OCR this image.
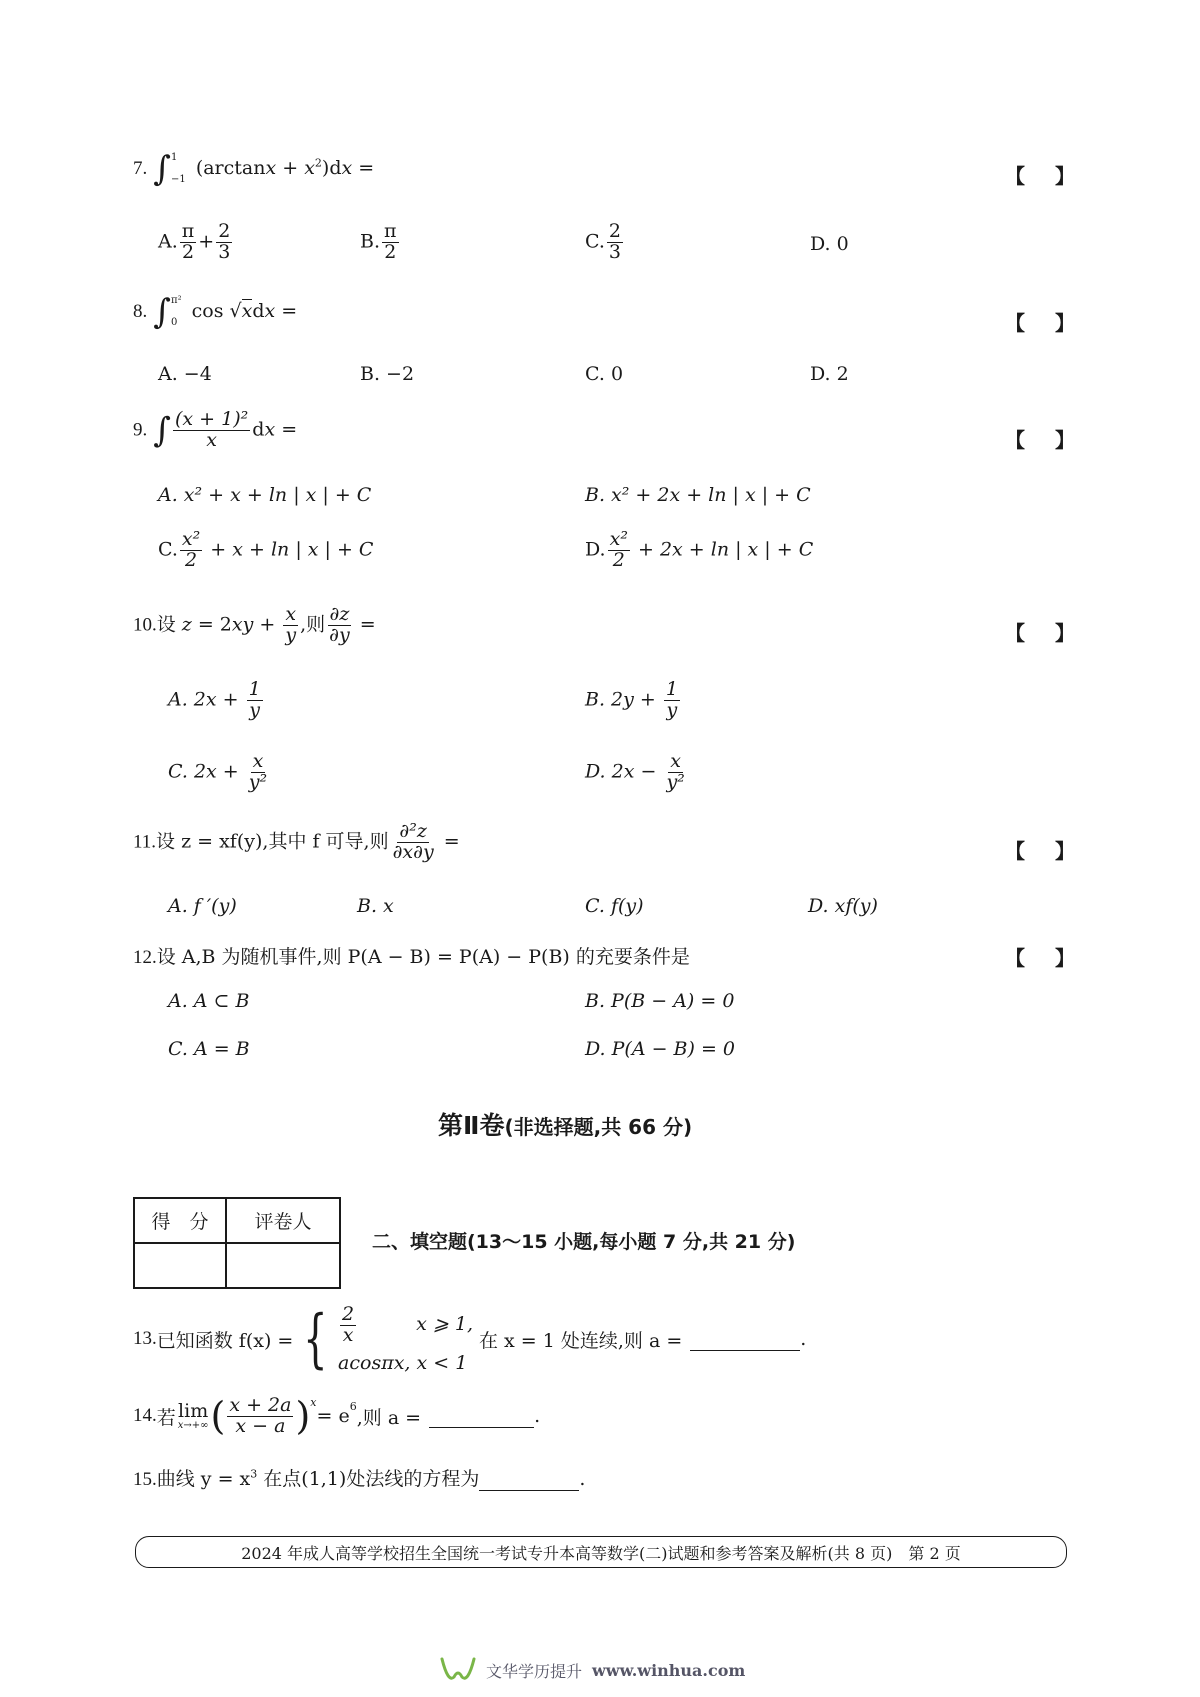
7. ∫ 1
−1
$(\arctan x + x^2)dx$ =	【 】
A. $\frac{\pi}{2} + \frac{2}{3}$	B. $\frac{\pi}{2}$	C. $\frac{2}{3}$	D. 0
8. ∫ π²
0
cos √xdx =	【 】
A. −4	B. −2	C. 0	D. 2
9. ∫ $\frac{\text{(x + 1)²}}{x}$ dx =	【 】
A. x² + x + ln | x | + C	B. x² + 2x + ln | x | + C
C. $\frac{\text{x²}}{2} + x + \ln$ | x | + C	D. $\frac{\text{x²}}{2} + 2x + \ln$ | x | + C
10.设 $z = 2xy + \frac{x}{y}$ ,则 $\frac{\partial z}{\partial y}$ =	【 】
A. $2x + \frac{1}{y}$	B. $2y + \frac{1}{y}$
C. $2x + \frac{x}{\text{y²}}$	D. $2x - \frac{x}{\text{y²}}$
11.设 z = xf(y),其中 f 可导,则 $\frac{\text{∂²z}}{\partial x\partial y}$ =	【 】
A. f ′(y)	B. x	C. f(y)	D. xf(y)
12.设 A,B 为随机事件,则 P(A − B) = P(A) − P(B) 的充要条件是	【 】
A. A ⊂ B	B. P(B − A) = 0
C. A = B	D. P(A − B) = 0
第Ⅱ卷(非选择题,共 66 分)
得　分	评卷人

二、填空题(13～15 小题,每小题 7 分,共 21 分)
13. 已知函数 f(x) = { $\frac{2}{x}$	x ⩾ 1,
acosπx, x < 1
在 x = 1 处连续,则 a =	.
14. 若 lim
x→+∞ ( $\frac{x + 2a}{x - a} )^x$
= $e^6$ ,则 a =	.
15.曲线 $y = x^3$ 在点(1,1)处法线的方程为	.
2024 年成人高等学校招生全国统一考试专升本高等数学(二)试题和参考答案及解析(共 8 页)　第 2 页
文华学历提升 www.winhua.com
